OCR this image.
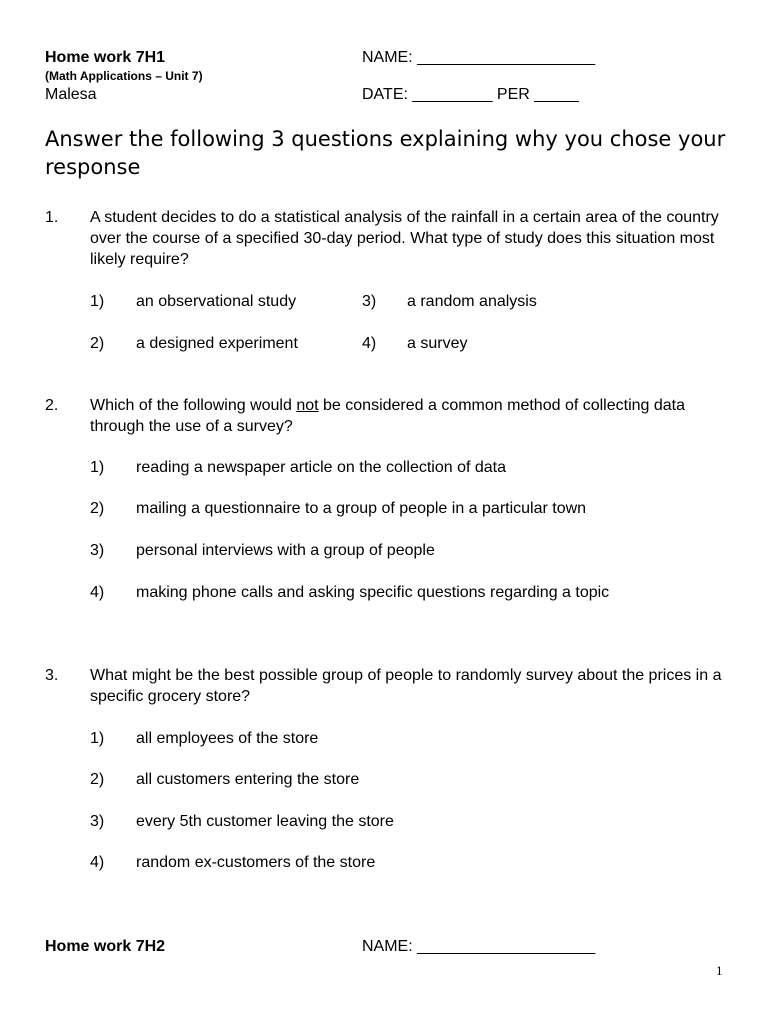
Home work 7H1
(Math Applications – Unit 7)
Malesa
NAME: ____________________
DATE: _________ PER _____
Answer the following 3 questions explaining why you chose your response
1. A student decides to do a statistical analysis of the rainfall in a certain area of the country over the course of a specified 30-day period. What type of study does this situation most likely require?
1) an observational study	3) a random analysis
2) a designed experiment	4) a survey
2. Which of the following would not be considered a common method of collecting data through the use of a survey?
1) reading a newspaper article on the collection of data
2) mailing a questionnaire to a group of people in a particular town
3) personal interviews with a group of people
4) making phone calls and asking specific questions regarding a topic
3. What might be the best possible group of people to randomly survey about the prices in a specific grocery store?
1) all employees of the store
2) all customers entering the store
3) every 5th customer leaving the store
4) random ex-customers of the store
Home work 7H2	NAME: ____________________
1
